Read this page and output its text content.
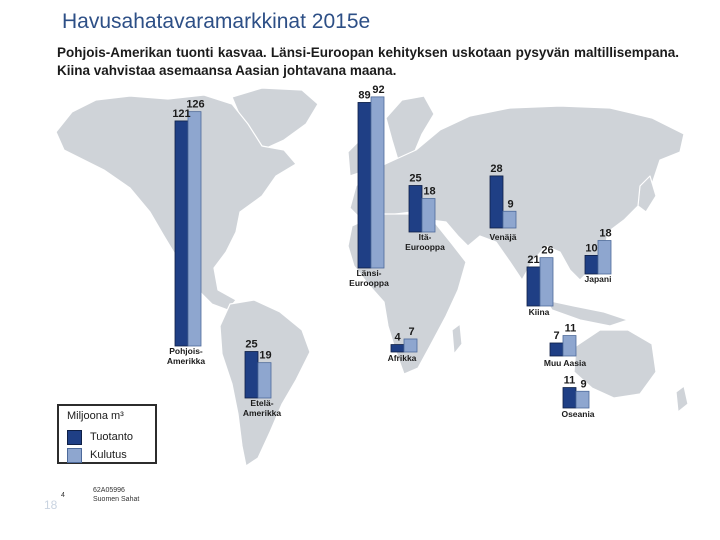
121
126
Pohjois-
Amerikka
25
19
Etelä-
Amerikka
89 92
Länsi-
Eurooppa
25
18
Itä-
Eurooppa
28
9
Venäjä
4 7
Afrikka
21
26
Kiina
10
18
Japani
7
11
Muu Aasia
11 9
Oseania
Havusahatavaramarkkinat 2015e

Pohjois-Amerikan tuonti kasvaa. Länsi-Euroopan kehityksen uskotaan pysyvän maltillisempana. Kiina vahvistaa asemaansa Aasian johtavana maana.

Miljoona m³
Tuotanto
Kulutus
18
4
62A05996
Suomen Sahat
